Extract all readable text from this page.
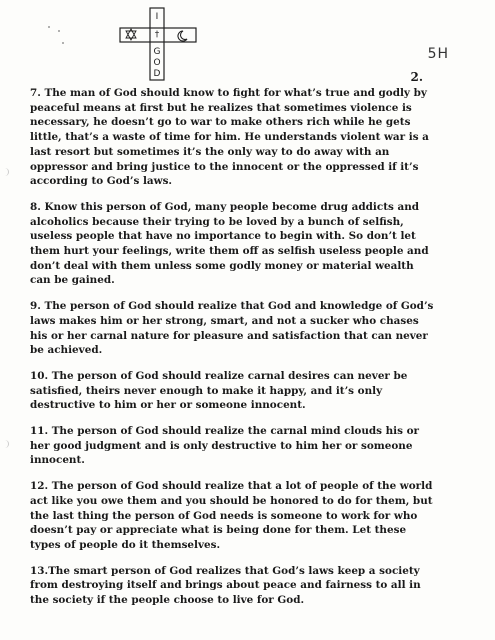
I
†
G
O
D
5H
2.

7. The man of God should know to fight for what’s true and godly by peaceful means at first but he realizes that sometimes violence is necessary, he doesn’t go to war to make others rich while he gets little, that’s a waste of time for him. He understands violent war is a last resort but sometimes it’s the only way to do away with an oppressor and bring justice to the innocent or the oppressed if it’s according to God’s laws.

8. Know this person of God, many people become drug addicts and alcoholics because their trying to be loved by a bunch of selfish, useless people that have no importance to begin with. So don’t let them hurt your feelings, write them off as selfish useless people and don’t deal with them unless some godly money or material wealth can be gained.

9. The person of God should realize that God and knowledge of God’s laws makes him or her strong, smart, and not a sucker who chases his or her carnal nature for pleasure and satisfaction that can never be achieved.

10. The person of God should realize carnal desires can never be satisfied, theirs never enough to make it happy, and it’s only destructive to him or her or someone innocent.

11. The person of God should realize the carnal mind clouds his or her good judgment and is only destructive to him her or someone innocent.

12. The person of God should realize that a lot of people of the world act like you owe them and you should be honored to do for them, but the last thing the person of God needs is someone to work for who doesn’t pay or appreciate what is being done for them. Let these types of people do it themselves.

13.The smart person of God realizes that God’s laws keep a society from destroying itself and brings about peace and fairness to all in the society if the people choose to live for God.
